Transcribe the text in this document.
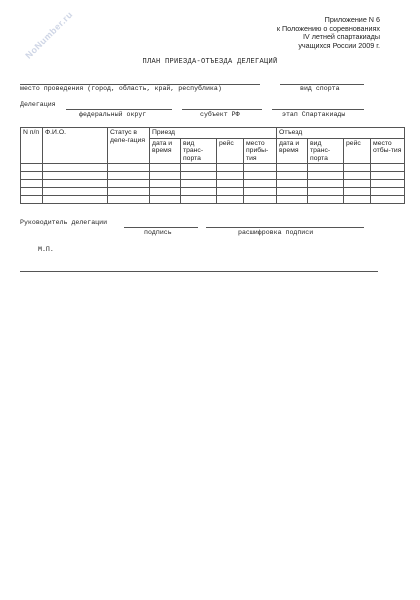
NoNumber.ru	Приложение N 6
к Положению о соревнованиях
IV летней спартакиады
учащихся России 2009 г.
ПЛАН ПРИЕЗДА-ОТЪЕЗДА ДЕЛЕГАЦИЙ
место проведения (город, область, край, республика)	вид спорта
Делегация
федеральный округ	субъект РФ	этап Спартакиады
N п/п	Ф.И.О.	Статус в деле-гация	Приезд				Отъезд			
			дата и время	вид транс-порта	рейс	место прибы-тия	дата и время	вид транс-порта	рейс	место отбы-тия

Руководитель делегации
подпись	расшифровка подписи
М.П.
